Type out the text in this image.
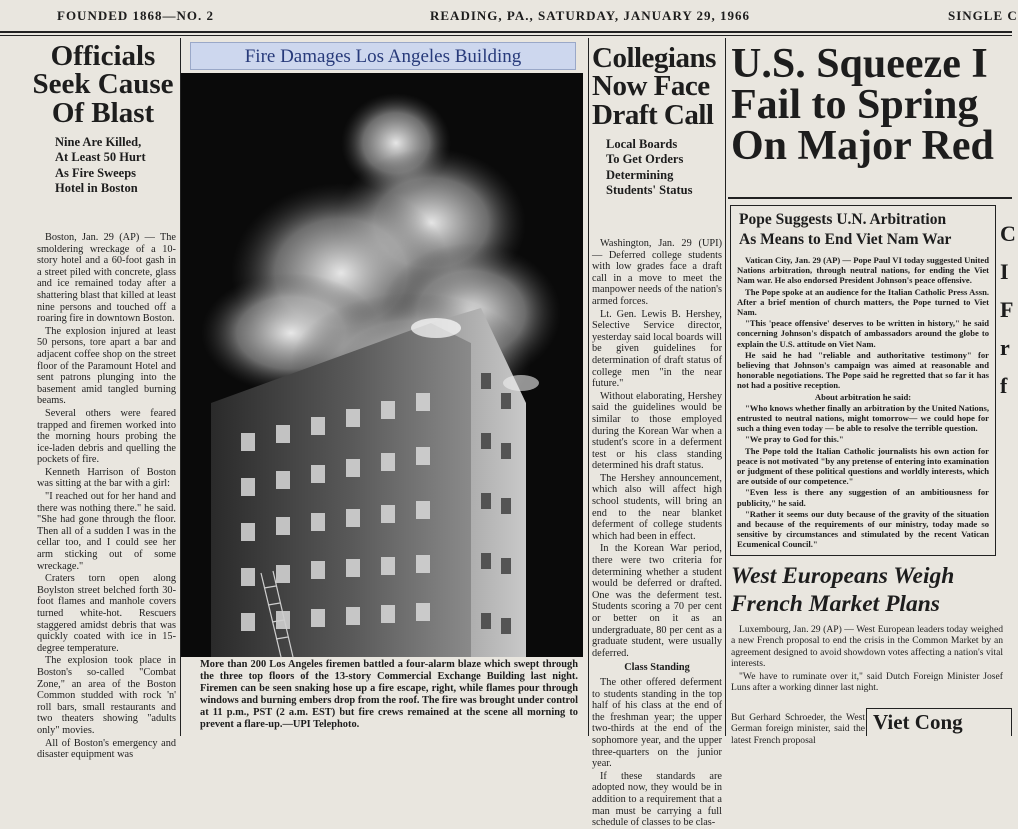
FOUNDED 1868—NO. 2	READING, PA., SATURDAY, JANUARY 29, 1966	SINGLE C
Officials
Seek Cause
Of Blast
Nine Are Killed,
At Least 50 Hurt
As Fire Sweeps
Hotel in Boston

Boston, Jan. 29 (AP) — The smoldering wreckage of a 10-story hotel and a 60-foot gash in a street piled with concrete, glass and ice remained today after a shattering blast that killed at least nine persons and touched off a roaring fire in downtown Boston.

The explosion injured at least 50 persons, tore apart a bar and adjacent coffee shop on the street floor of the Paramount Hotel and sent patrons plunging into the basement amid tangled burning beams.

Several others were feared trapped and firemen worked into the morning hours probing the ice-laden debris and quelling the pockets of fire.

Kenneth Harrison of Boston was sitting at the bar with a girl:

"I reached out for her hand and there was nothing there." he said. "She had gone through the floor. Then all of a sudden I was in the cellar too, and I could see her arm sticking out of some wreckage."

Craters torn open along Boylston street belched forth 30-foot flames and manhole covers turned white-hot. Rescuers staggered amidst debris that was quickly coated with ice in 15-degree temperature.

The explosion took place in Boston's so-called "Combat Zone," an area of the Boston Common studded with rock 'n' roll bars, small restaurants and two theaters showing "adults only" movies.

All of Boston's emergency and disaster equipment was

Fire Damages Los Angeles Building
More than 200 Los Angeles firemen battled a four-alarm blaze which swept through the three top floors of the 13-story Commercial Exchange Building last night. Firemen can be seen snaking hose up a fire escape, right, while flames pour through windows and burning embers drop from the roof. The fire was brought under control at 11 p.m., PST (2 a.m. EST) but fire crews remained at the scene all morning to prevent a flare-up.—UPI Telephoto.
Collegians
Now Face
Draft Call
Local Boards
To Get Orders
Determining
Students' Status

Washington, Jan. 29 (UPI) — Deferred college students with low grades face a draft call in a move to meet the manpower needs of the nation's armed forces.

Lt. Gen. Lewis B. Hershey, Selective Service director, yesterday said local boards will be given guidelines for determination of draft status of college men "in the near future."

Without elaborating, Hershey said the guidelines would be similar to those employed during the Korean War when a student's score in a deferment test or his class standing determined his draft status.

The Hershey announcement, which also will affect high school students, will bring an end to the near blanket deferment of college students which had been in effect.

In the Korean War period, there were two criteria for determining whether a student would be deferred or drafted. One was the deferment test. Students scoring a 70 per cent or better on it as an undergraduate, 80 per cent as a graduate student, were usually deferred.

Class Standing

The other offered deferment to students standing in the top half of his class at the end of the freshman year; the upper two-thirds at the end of the sophomore year, and the upper three-quarters on the junior year.

If these standards are adopted now, they would be in addition to a requirement that a man must be carrying a full schedule of classes to be clas-

U.S. Squeeze I
Fail to Spring
On Major Red
Pope Suggests U.N. Arbitration
As Means to End Viet Nam War

Vatican City, Jan. 29 (AP) — Pope Paul VI today suggested United Nations arbitration, through neutral nations, for ending the Viet Nam war. He also endorsed President Johnson's peace offensive.

The Pope spoke at an audience for the Italian Catholic Press Assn. After a brief mention of church matters, the Pope turned to Viet Nam.

"This 'peace offensive' deserves to be written in history," he said concerning Johnson's dispatch of ambassadors around the globe to explain the U.S. attitude on Viet Nam.

He said he had "reliable and authoritative testimony" for believing that Johnson's campaign was aimed at reasonable and honorable negotiations. The Pope said he regretted that so far it has not had a positive reception.

About arbitration he said:

"Who knows whether finally an arbitration by the United Nations, entrusted to neutral nations, might tomorrow— we could hope for such a thing even today — be able to resolve the terrible question.

"We pray to God for this."

The Pope told the Italian Catholic journalists his own action for peace is not motivated "by any pretense of entering into examination or judgment of these political questions and worldly interests, which are outside of our competence."

"Even less is there any suggestion of an ambitiousness for publicity," he said.

"Rather it seems our duty because of the gravity of the situation and because of the requirements of our ministry, today made so sensitive by circumstances and stimulated by the recent Vatican Ecumenical Council."

C
I
F
r
f
West Europeans Weigh
French Market Plans

Luxembourg, Jan. 29 (AP) — West European leaders today weighed a new French proposal to end the crisis in the Common Market by an agreement designed to avoid showdown votes affecting a nation's vital interests.

"We have to ruminate over it," said Dutch Foreign Minister Josef Luns after a working dinner last night.

But Gerhard Schroeder, the West German foreign minister, said the latest French proposal
Viet Cong
